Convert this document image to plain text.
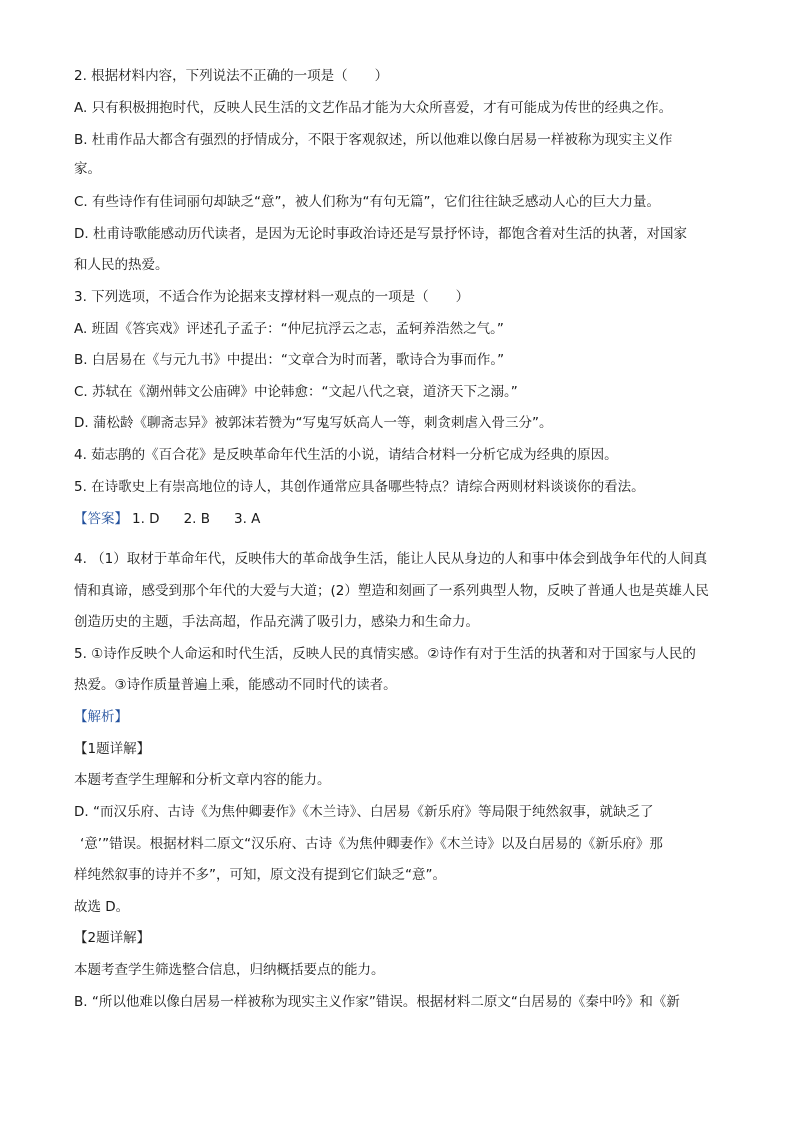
2. 根据材料内容，下列说法不正确的一项是（　　）
A. 只有积极拥抱时代，反映人民生活的文艺作品才能为大众所喜爱，才有可能成为传世的经典之作。
B. 杜甫作品大都含有强烈的抒情成分，不限于客观叙述，所以他难以像白居易一样被称为现实主义作
家。
C. 有些诗作有佳词丽句却缺乏“意”，被人们称为“有句无篇”，它们往往缺乏感动人心的巨大力量。
D. 杜甫诗歌能感动历代读者，是因为无论时事政治诗还是写景抒怀诗，都饱含着对生活的执著，对国家
和人民的热爱。
3. 下列选项，不适合作为论据来支撑材料一观点的一项是（　　）
A. 班固《答宾戏》评述孔子孟子：“仲尼抗浮云之志，孟轲养浩然之气。”
B. 白居易在《与元九书》中提出：“文章合为时而著，歌诗合为事而作。”
C. 苏轼在《潮州韩文公庙碑》中论韩愈：“文起八代之衰，道济天下之溺。”
D. 蒲松龄《聊斋志异》被郭沫若赞为“写鬼写妖高人一等，刺贪刺虐入骨三分”。
4. 茹志鹃的《百合花》是反映革命年代生活的小说，请结合材料一分析它成为经典的原因。
5. 在诗歌史上有崇高地位的诗人，其创作通常应具备哪些特点？请综合两则材料谈谈你的看法。
【答案】 1. D 2. B 3. A
4. （1）取材于革命年代，反映伟大的革命战争生活，能让人民从身边的人和事中体会到战争年代的人间真
情和真谛，感受到那个年代的大爱与大道；(2）塑造和刻画了一系列典型人物，反映了普通人也是英雄人民
创造历史的主题，手法高超，作品充满了吸引力，感染力和生命力。
5. ①诗作反映个人命运和时代生活，反映人民的真情实感。②诗作有对于生活的执著和对于国家与人民的
热爱。③诗作质量普遍上乘，能感动不同时代的读者。
【解析】
【1题详解】
本题考查学生理解和分析文章内容的能力。
D. “而汉乐府、古诗《为焦仲卿妻作》《木兰诗》、白居易《新乐府》等局限于纯然叙事，就缺乏了
‘意’”错误。根据材料二原文“汉乐府、古诗《为焦仲卿妻作》《木兰诗》以及白居易的《新乐府》那
样纯然叙事的诗并不多”，可知，原文没有提到它们缺乏“意”。
故选 D。
【2题详解】
本题考查学生筛选整合信息，归纳概括要点的能力。
B. “所以他难以像白居易一样被称为现实主义作家”错误。根据材料二原文“白居易的《秦中吟》和《新
